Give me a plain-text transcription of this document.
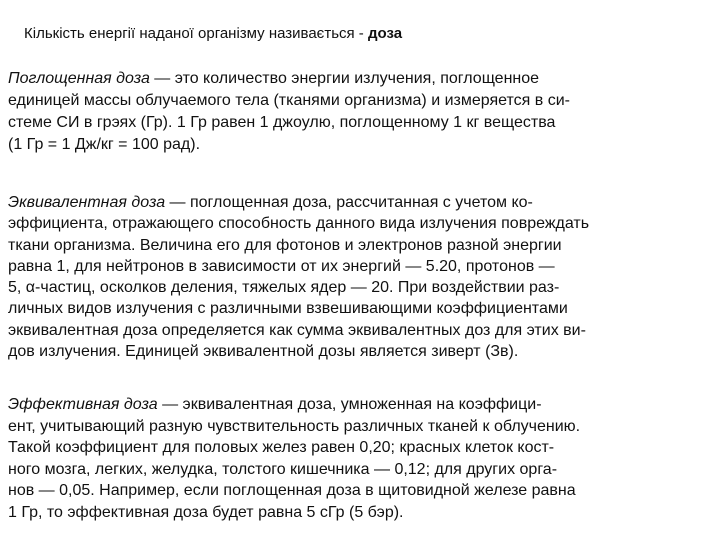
Кількість енергії наданої організму називається - доза
Поглощенная доза — это количество энергии излучения, поглощенное
единицей массы облучаемого тела (тканями организма) и измеряется в си-
стеме СИ в грэях (Гр). 1 Гр равен 1 джоулю, поглощенному 1 кг вещества
(1 Гр = 1 Дж/кг = 100 рад).
Эквивалентная доза — поглощенная доза, рассчитанная с учетом ко-
эффициента, отражающего способность данного вида излучения повреждать
ткани организма. Величина его для фотонов и электронов разной энергии
равна 1, для нейтронов в зависимости от их энергий — 5.20, протонов —
5, α-частиц, осколков деления, тяжелых ядер — 20. При воздействии раз-
личных видов излучения с различными взвешивающими коэффициентами
эквивалентная доза определяется как сумма эквивалентных доз для этих ви-
дов излучения. Единицей эквивалентной дозы является зиверт (Зв).
Эффективная доза — эквивалентная доза, умноженная на коэффици-
ент, учитывающий разную чувствительность различных тканей к облучению.
Такой коэффициент для половых желез равен 0,20; красных клеток кост-
ного мозга, легких, желудка, толстого кишечника — 0,12; для других орга-
нов — 0,05. Например, если поглощенная доза в щитовидной железе равна
1 Гр, то эффективная доза будет равна 5 сГр (5 бэр).
